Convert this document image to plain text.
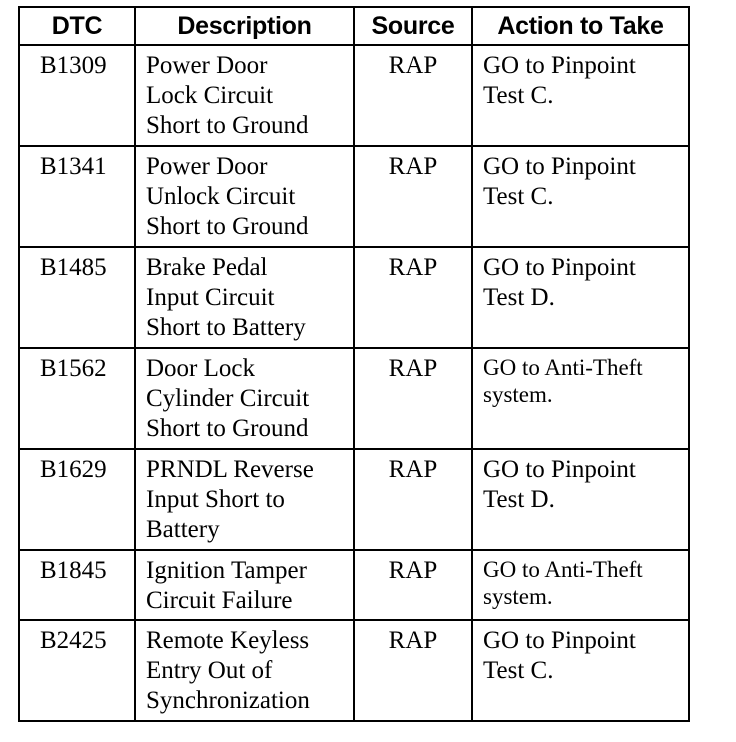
DTC	Description	Source	Action to Take
B1309	Power Door
Lock Circuit
Short to Ground	RAP	GO to Pinpoint
Test C.

B1341	Power Door
Unlock Circuit
Short to Ground	RAP	GO to Pinpoint
Test C.

B1485	Brake Pedal
Input Circuit
Short to Battery	RAP	GO to Pinpoint
Test D.

B1562	Door Lock
Cylinder Circuit
Short to Ground	RAP	GO to Anti-Theft
system.

B1629	PRNDL Reverse
Input Short to
Battery	RAP	GO to Pinpoint
Test D.

B1845	Ignition Tamper
Circuit Failure	RAP	GO to Anti-Theft
system.

B2425	Remote Keyless
Entry Out of
Synchronization	RAP	GO to Pinpoint
Test C.
